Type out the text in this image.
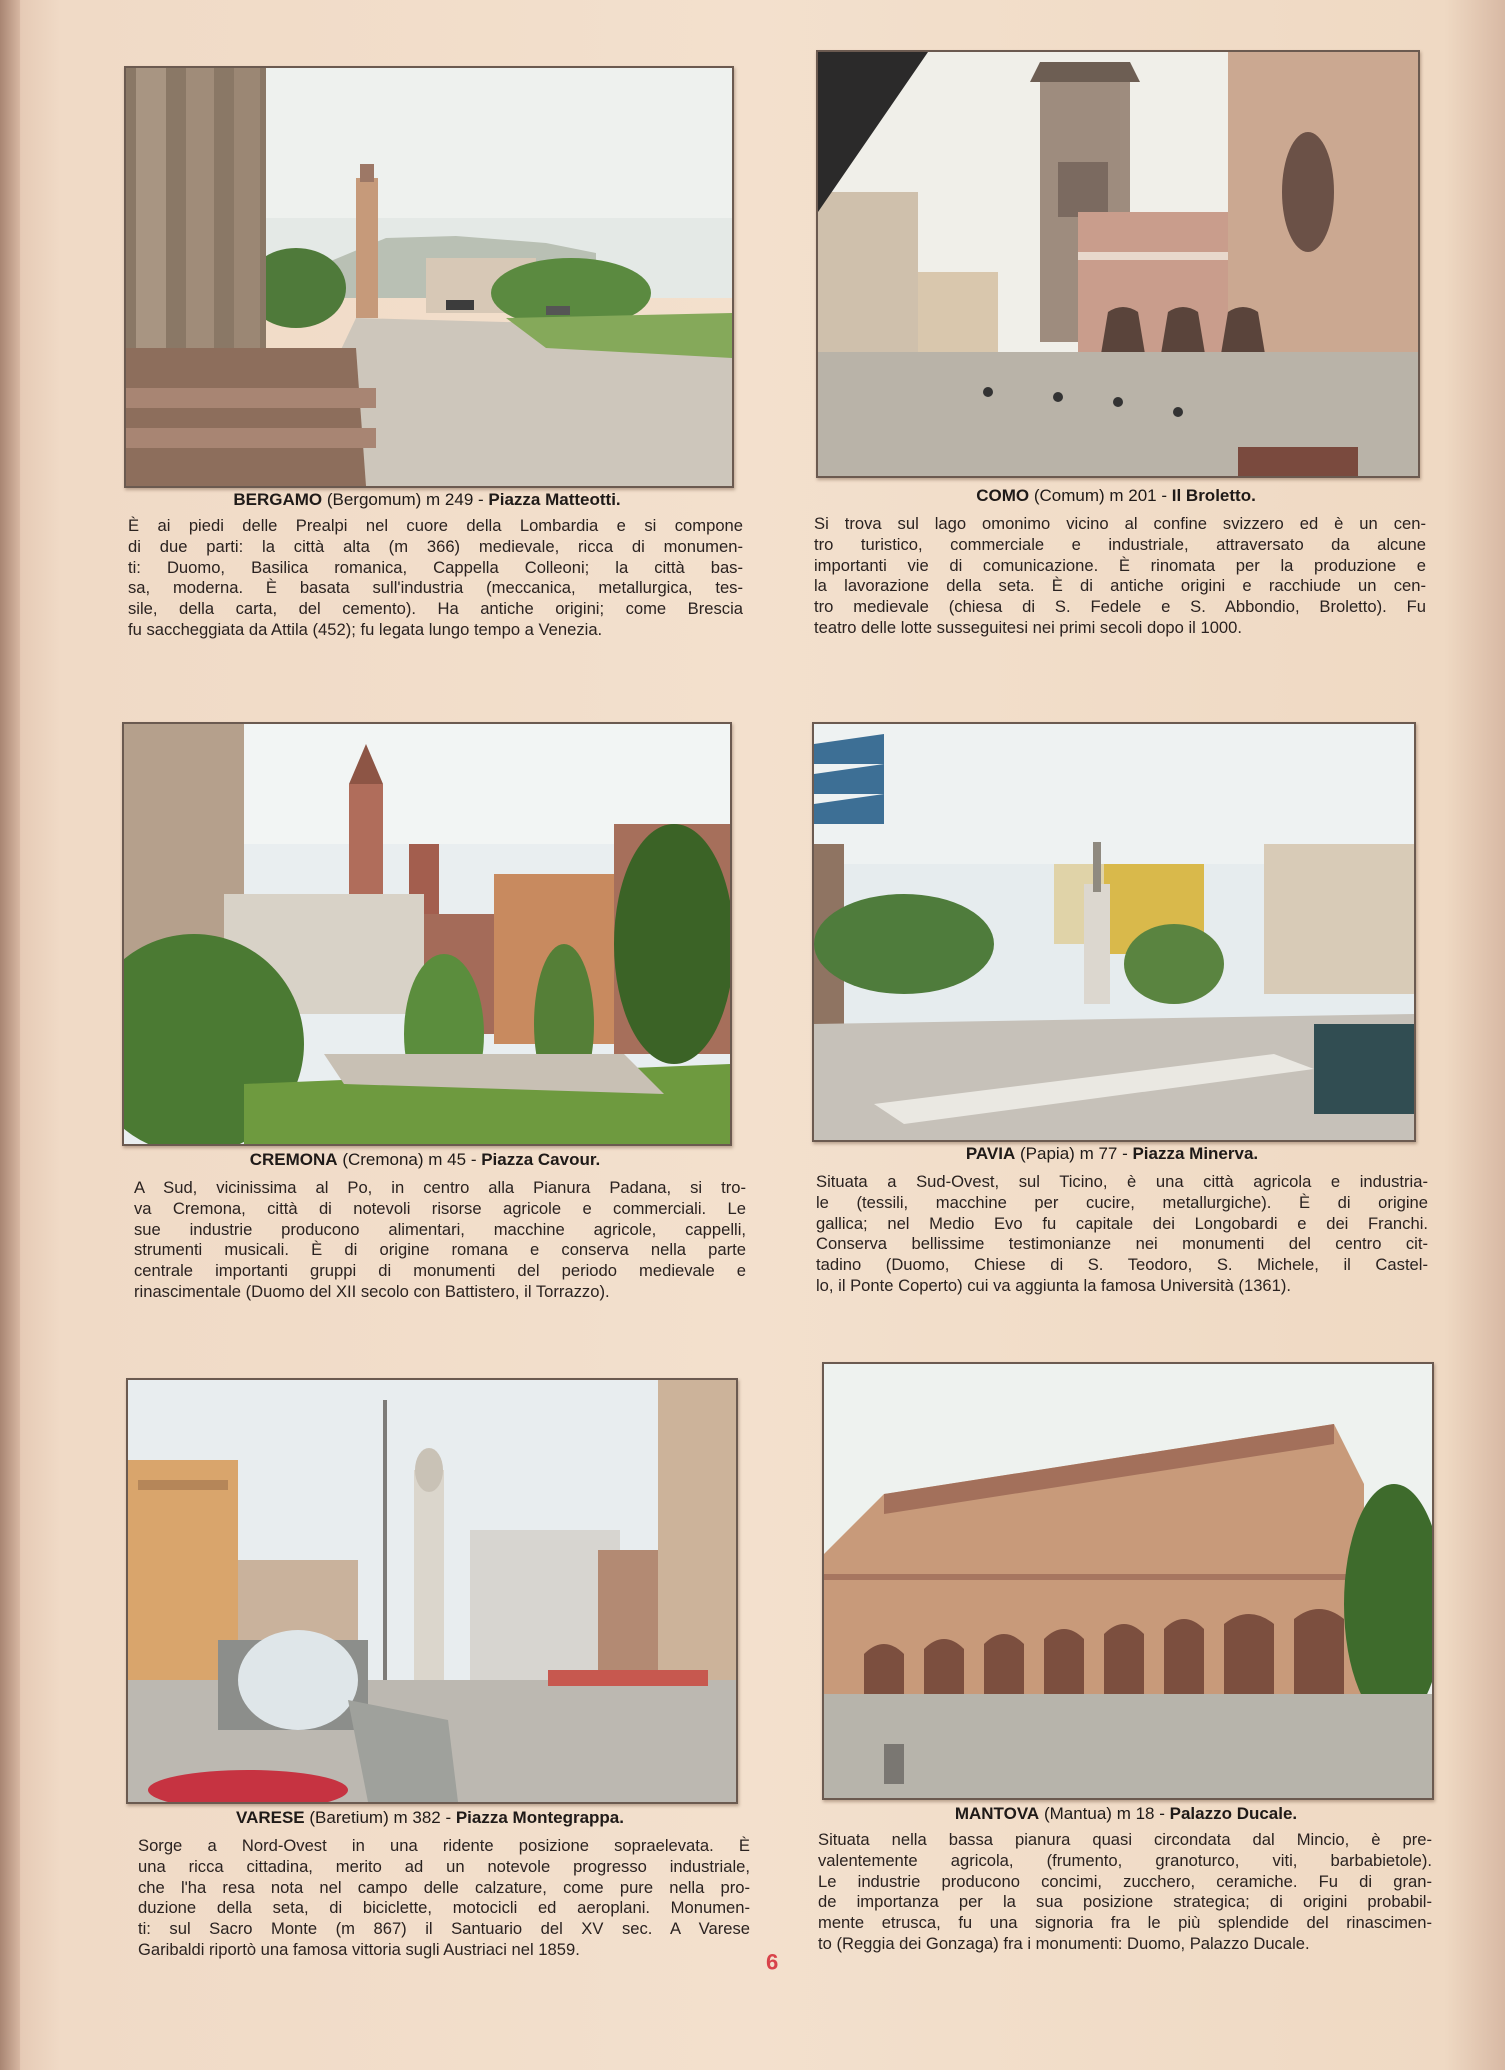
BERGAMO (Bergomum) m 249 - Piazza Matteotti.
È ai piedi delle Prealpi nel cuore della Lombardia e si compone
di due parti: la città alta (m 366) medievale, ricca di monumen-
ti: Duomo, Basilica romanica, Cappella Colleoni; la città bas-
sa, moderna. È basata sull'industria (meccanica, metallurgica, tes-
sile, della carta, del cemento). Ha antiche origini; come Brescia
fu saccheggiata da Attila (452); fu legata lungo tempo a Venezia.
COMO (Comum) m 201 - Il Broletto.
Si trova sul lago omonimo vicino al confine svizzero ed è un cen-
tro turistico, commerciale e industriale, attraversato da alcune
importanti vie di comunicazione. È rinomata per la produzione e
la lavorazione della seta. È di antiche origini e racchiude un cen-
tro medievale (chiesa di S. Fedele e S. Abbondio, Broletto). Fu
teatro delle lotte susseguitesi nei primi secoli dopo il 1000.
CREMONA (Cremona) m 45 - Piazza Cavour.
A Sud, vicinissima al Po, in centro alla Pianura Padana, si tro-
va Cremona, città di notevoli risorse agricole e commerciali. Le
sue industrie producono alimentari, macchine agricole, cappelli,
strumenti musicali. È di origine romana e conserva nella parte
centrale importanti gruppi di monumenti del periodo medievale e
rinascimentale (Duomo del XII secolo con Battistero, il Torrazzo).
PAVIA (Papia) m 77 - Piazza Minerva.
Situata a Sud-Ovest, sul Ticino, è una città agricola e industria-
le (tessili, macchine per cucire, metallurgiche). È di origine
gallica; nel Medio Evo fu capitale dei Longobardi e dei Franchi.
Conserva bellissime testimonianze nei monumenti del centro cit-
tadino (Duomo, Chiese di S. Teodoro, S. Michele, il Castel-
lo, il Ponte Coperto) cui va aggiunta la famosa Università (1361).
VARESE (Baretium) m 382 - Piazza Montegrappa.
Sorge a Nord-Ovest in una ridente posizione sopraelevata. È
una ricca cittadina, merito ad un notevole progresso industriale,
che l'ha resa nota nel campo delle calzature, come pure nella pro-
duzione della seta, di biciclette, motocicli ed aeroplani. Monumen-
ti: sul Sacro Monte (m 867) il Santuario del XV sec. A Varese
Garibaldi riportò una famosa vittoria sugli Austriaci nel 1859.
MANTOVA (Mantua) m 18 - Palazzo Ducale.
Situata nella bassa pianura quasi circondata dal Mincio, è pre-
valentemente agricola, (frumento, granoturco, viti, barbabietole).
Le industrie producono concimi, zucchero, ceramiche. Fu di gran-
de importanza per la sua posizione strategica; di origini probabil-
mente etrusca, fu una signoria fra le più splendide del rinascimen-
to (Reggia dei Gonzaga) fra i monumenti: Duomo, Palazzo Ducale.
9
